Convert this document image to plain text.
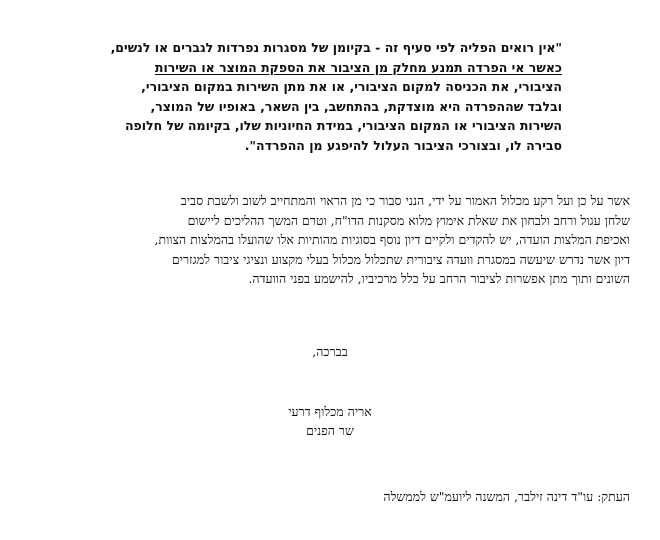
"אין רואים הפליה לפי סעיף זה - בקיומן של מסגרות נפרדות לגברים או לנשים,
כאשר אי הפרדה תמנע מחלק מן הציבור את הספקת המוצר או השירות
הציבורי, את הכניסה למקום הציבורי, או את מתן השירות במקום הציבורי,
ובלבד שההפרדה היא מוצדקת, בהתחשב, בין השאר, באופיו של המוצר,
השירות הציבורי או המקום הציבורי, במידת החיוניות שלו, בקיומה של חלופה
סבירה לו, ובצורכי הציבור העלול להיפגע מן ההפרדה".
אשר על כן ועל רקע מכלול האמור על ידי, הנני סבור כי מן הראוי והמתחייב לשוב ולשבת סביב
שלחן עגול ורחב ולבחון את שאלת אימוץ מלוא מסקנות הדו"ח, וטרם המשך ההליכים ליישום
ואכיפת המלצות הועדה, יש להקדים ולקיים דיון נוסף בסוגיות מהותיות אלו שהועלו בהמלצות הצוות,
דיון אשר נדרש שיעשה במסגרת וועדה ציבורית שתכלול מכלול בעלי מקצוע ונציגי ציבור למגזרים
השונים ותוך מתן אפשרות לציבור הרחב על כלל מרכיביו, להישמע בפני הוועדה.
בברכה,
אריה מכלוף דרעי
שר הפנים
העתק: עו"ד דינה זילבר, המשנה ליועמ"ש לממשלה
